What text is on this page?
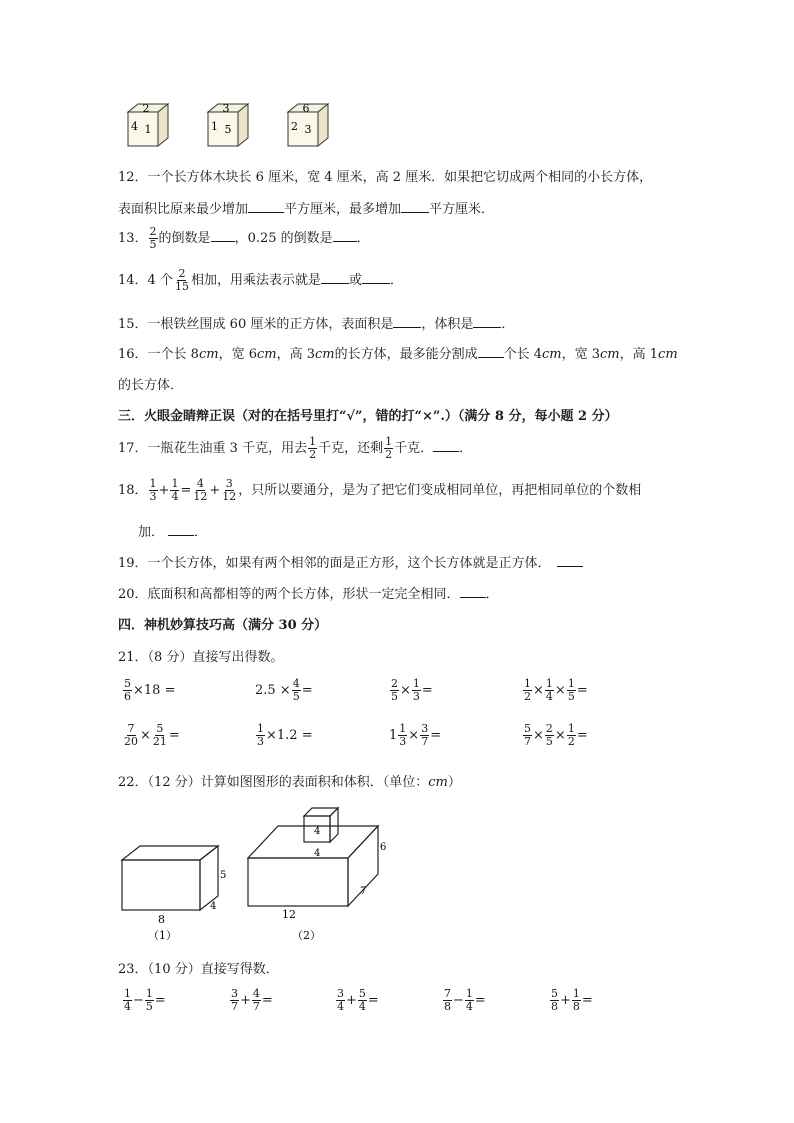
2
4 1
3
1 5
6
2 3
12．一个长方体木块长 6 厘米，宽 4 厘米，高 2 厘米．如果把它切成两个相同的小长方体，
表面积比原来最少增加	平方厘米，最多增加 平方厘米．
13． $\frac{2}{5}$ 的倒数是 ，0.25 的倒数是 ．
14．4 个 $\frac{2}{15}$ 相加，用乘法表示就是 或 ．
15．一根铁丝围成 60 厘米的正方体，表面积是 ，体积是 ．
16．一个长 8cm，宽 6cm，高 3cm的长方体，最多能分割成 个长 4cm，宽 3cm，高 1cm
的长方体．
三．火眼金睛辩正误（对的在括号里打“√”，错的打“×”.）（满分 8 分，每小题 2 分）
17．一瓶花生油重 3 千克，用去 $\frac{1}{2}$ 千克，还剩 $\frac{1}{2}$ 千克． ．
18． $\frac{1}{3} + \frac{1}{4} = \frac{4}{12} + \frac{3}{12}$ ，只所以要通分，是为了把它们变成相同单位，再把相同单位的个数相
加． ．
19．一个长方体，如果有两个相邻的面是正方形，这个长方体就是正方体．
20．底面积和高都相等的两个长方体，形状一定完全相同． ．
四．神机妙算技巧高（满分 30 分）
21．（8 分）直接写出得数。
$\frac{5}{6} \times 18$ =	$2.5 \times \frac{4}{5}$ =	$\frac{2}{5} \times \frac{1}{3}$ =	$\frac{1}{2} \times \frac{1}{4} \times \frac{1}{5}$ =
$\frac{7}{20} \times \frac{5}{21}$ =	$\frac{1}{3} \times 1.2$ =	$1 \frac{1}{3} \times \frac{3}{7}$ =	$\frac{5}{7} \times \frac{2}{5} \times \frac{1}{2}$ =
22．（12 分）计算如图图形的表面积和体积．（单位：cm）
8
4
5
（1）
4
4
6
7
12
（2）
23．（10 分）直接写得数．
$\frac{1}{4} - \frac{1}{5}$ =	$\frac{3}{7} + \frac{4}{7}$ =	$\frac{3}{4} + \frac{5}{4}$ =	$\frac{7}{8} - \frac{1}{4}$ =	$\frac{5}{8} + \frac{1}{8}$ =
